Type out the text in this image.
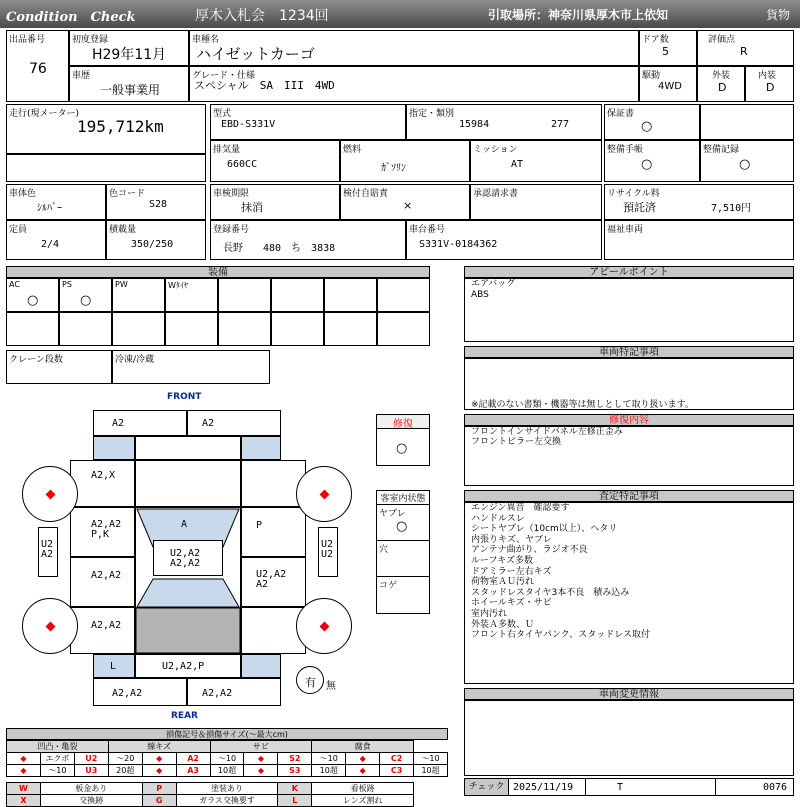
Condition　Check	厚木入札会　1234回	引取場所：神奈川県厚木市上依知	貨物
出品番号
76
初度登録
H29年11月
車歴
一般事業用
車種名
ハイゼットカーゴ
グレード・仕様
スペシャル　SA　III　4WD
ドア数
5
駆動
4WD
評価点
R
外装
D
内装
D
走行(現メーター)
195,712km
型式
EBD-S331V
指定・類別
15984	277
排気量
660CC
燃料
ｶﾞｿﾘﾝ
ミッション
AT
保証書
○
整備手帳
○
整備記録
○
車体色
ｼﾙﾊﾞｰ
色コード
S28
定員
2/4
積載量
350/250
車検期限
抹消
検付自賠責
×
承認請求書
登録番号
長野　　480　ち　3838
車台番号
S331V-0184362
リサイクル料
預託済	7,510円
福祉車両
装備
AC
○
PS
○
PW	Wﾀｲﾔ
クレーン段数	冷凍/冷蔵
アピールポイント
エアバッグ
ABS
車両特記事項
※記載のない書類・機器等は無しとして取り扱います。
修復内容
フロントインサイドパネル左修正歪み
フロントピラー左交換
査定特記事項
エンジン異音　確認要す
ハンドルスレ
シートヤブレ（10cm以上）、ヘタリ
内張りキズ、ヤブレ
アンテナ曲がり、ラジオ不良
ルーフキズ多数
ドアミラー左右キズ
荷物室ＡＵ汚れ
スタッドレスタイヤ3本不良　積み込み
ホイールキズ・サビ
室内汚れ
外装Ａ多数、Ｕ
フロント右タイヤパンク、スタッドレス取付
車両変更情報
修復
○
客室内状態
ヤブレ
○
穴
コゲ
FRONT
REAR
A2	A2
A2,X
A2,A2
P,K
P
A2,A2	U2,A2
A2
A2,A2
A
U2,A2
A2,A2
L	U2,A2,P
A2,A2	A2,A2
U2
A2
U2
U2
有 無
損傷記号＆損傷サイズ(～最大cm)
凹凸・亀裂			線キズ			サビ			腐食			
◆	エクボ	U2	～20	◆	A2	～10	◆	S2	～10	◆	C2	～10
◆	～10	U3	20超	◆	A3	10超	◆	S3	10超	◆	C3	10超

W	板金あり			P	塗装あり			K	看板跡			
X	交換跡			G	ガラス交換要す			L	レンズ割れ			
チェック 2025/11/19	T	0076
